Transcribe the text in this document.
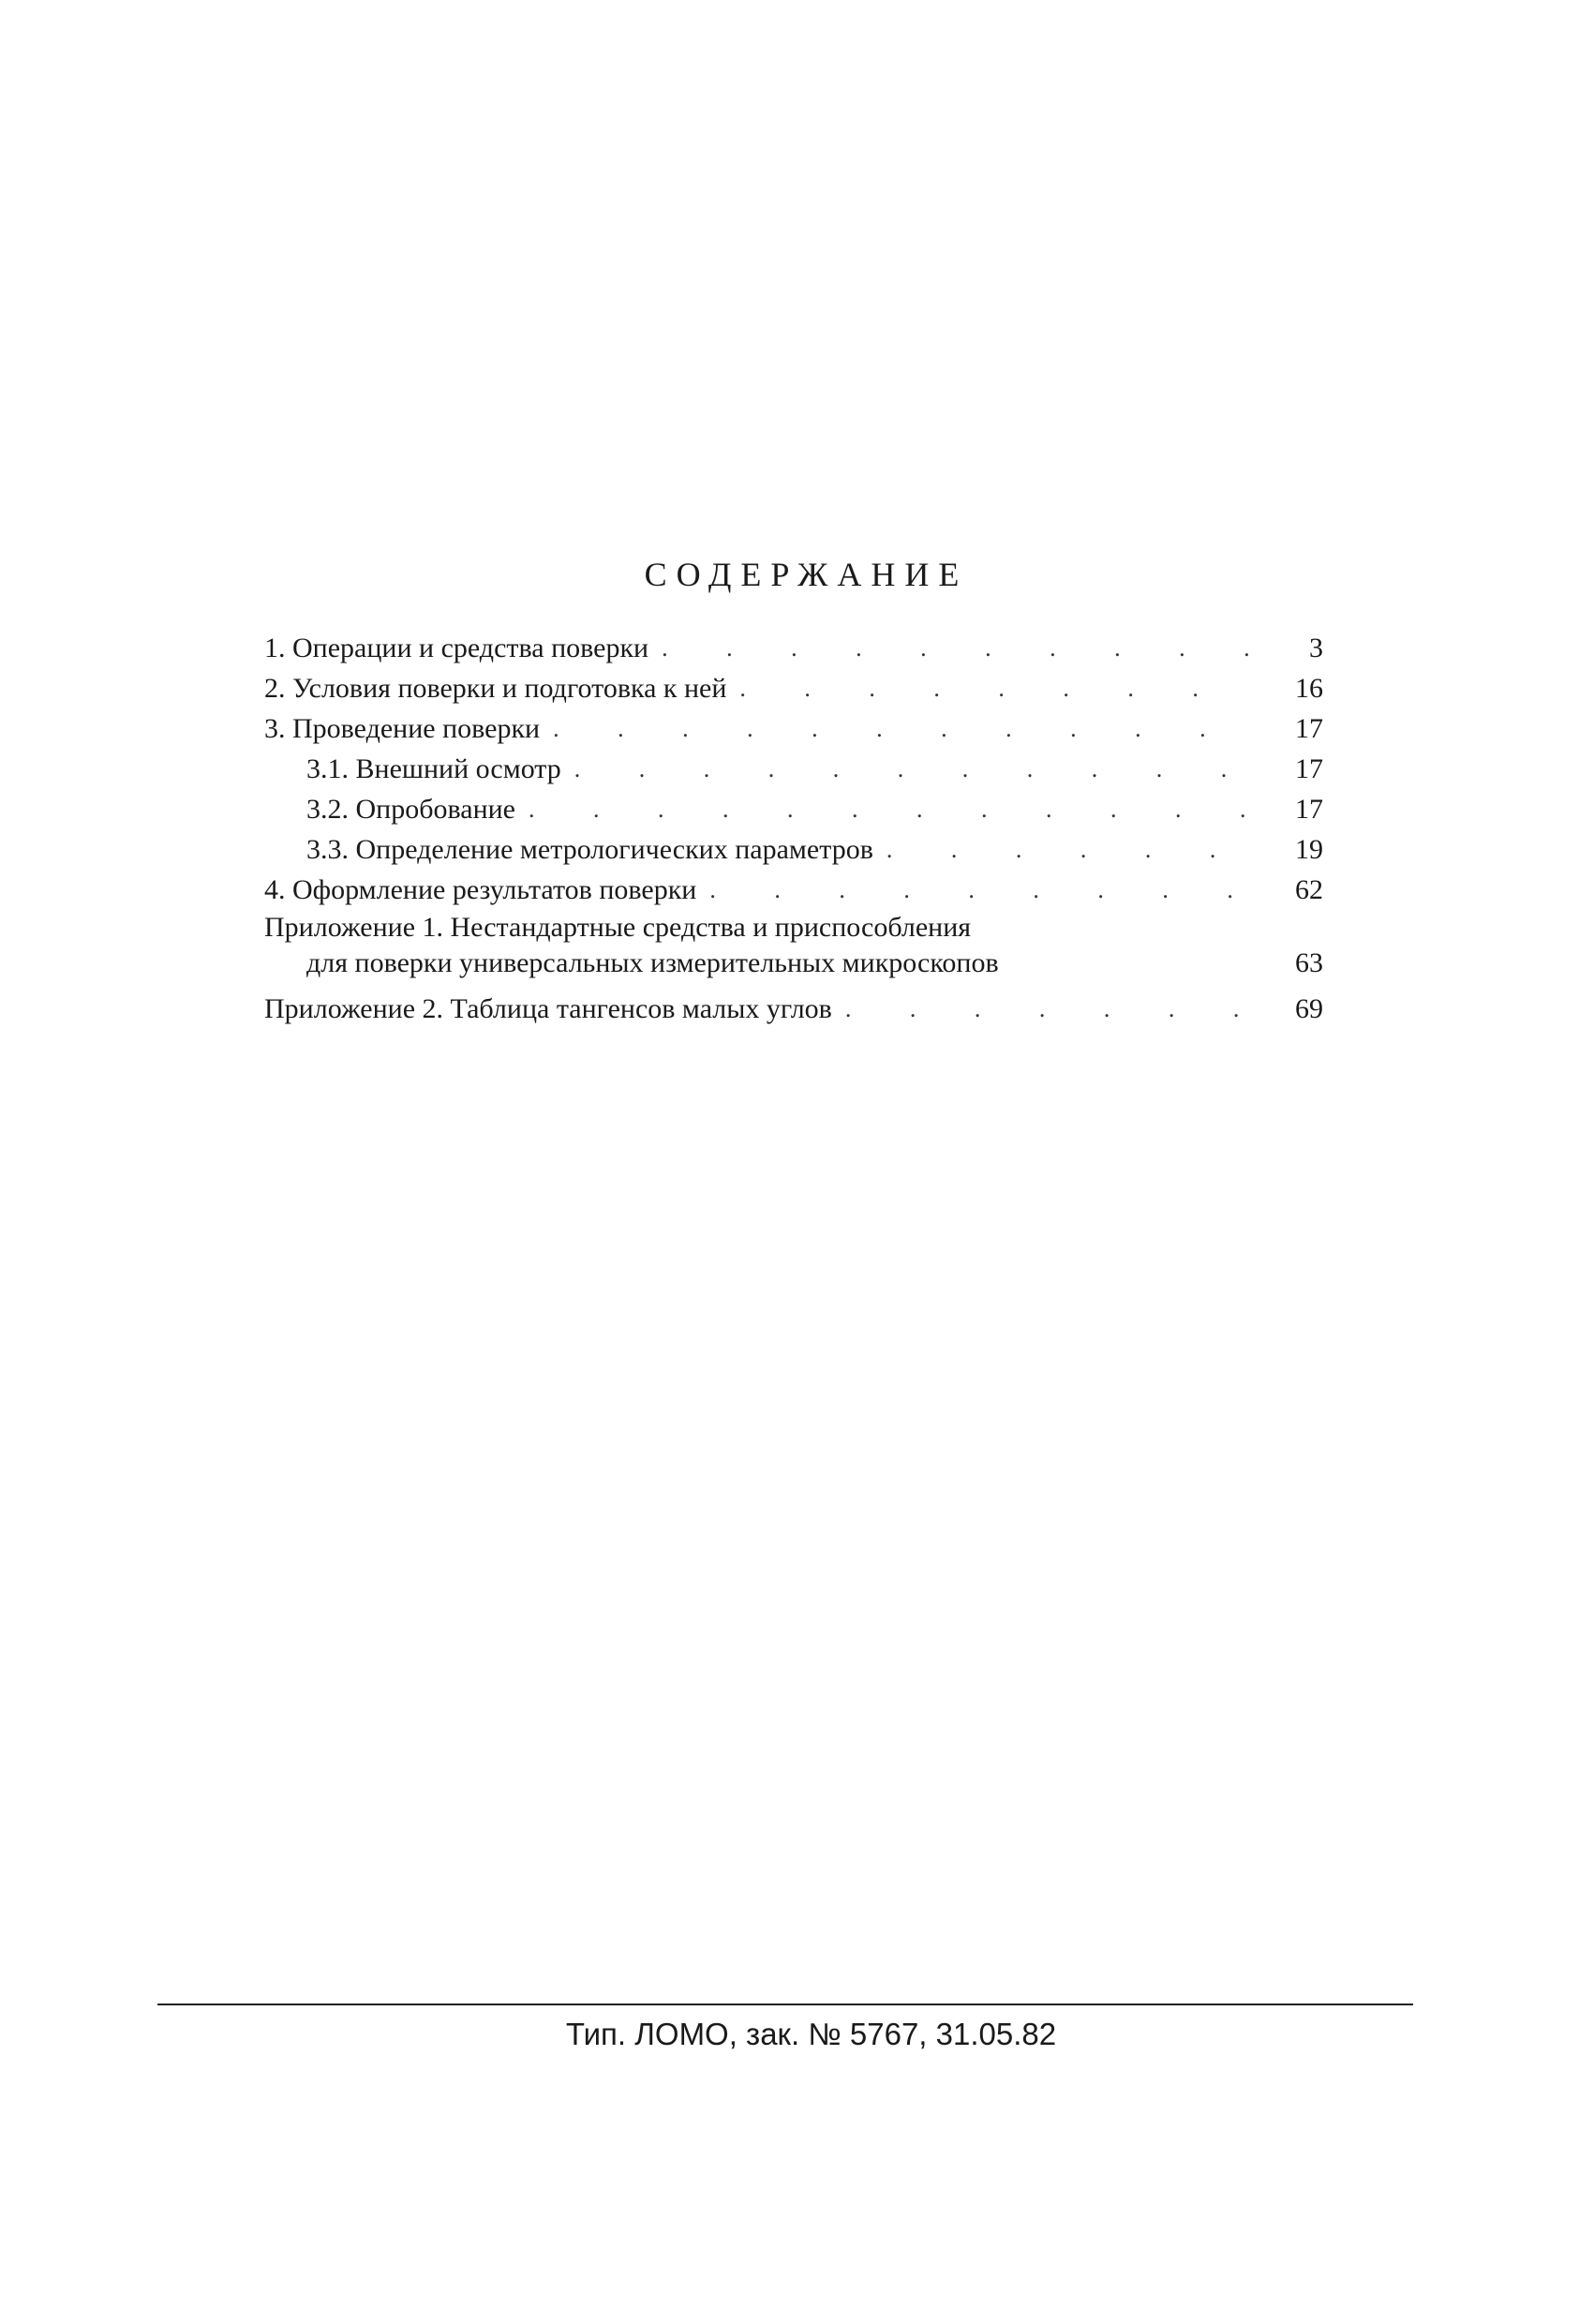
СОДЕРЖАНИЕ
1. Операции и средства поверки . . .	3
2. Условия поверки и подготовка к ней . . .	16
3. Проведение поверки . . .	17
3.1. Внешний осмотр . . .	17
3.2. Опробование . . .	17
3.3. Определение метрологических параметров . . .	19
4. Оформление результатов поверки . . .	62
Приложение 1. Нестандартные средства и приспособления
для поверки универсальных измерительных микроскопов	63
Приложение 2. Таблица тангенсов малых углов . . .	69
Тип. ЛОМО, зак. № 5767, 31.05.82
